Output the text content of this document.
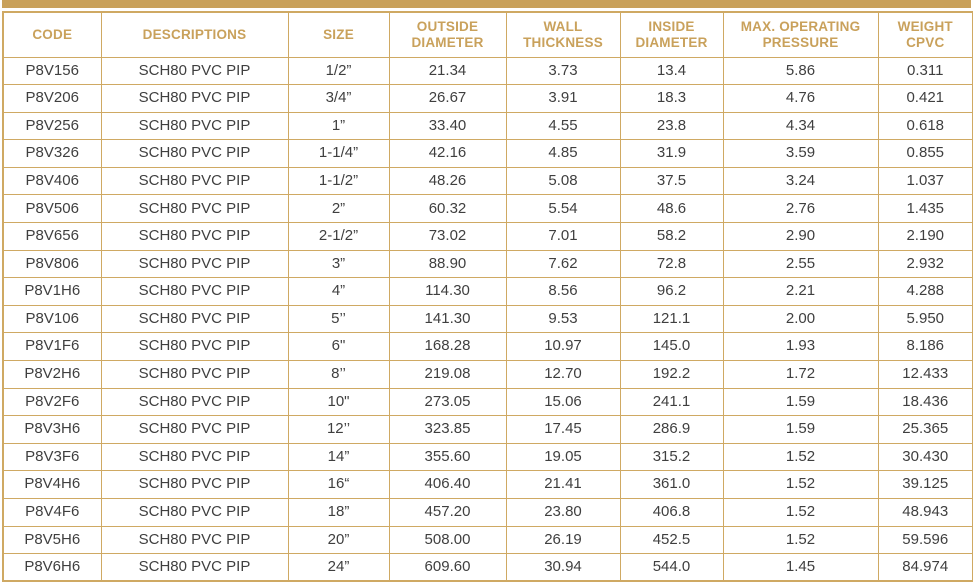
CODE	DESCRIPTIONS	SIZE	OUTSIDE DIAMETER	WALL THICKNESS	INSIDE DIAMETER	MAX. OPERATING PRESSURE	WEIGHT CPVC
P8V156	SCH80 PVC PIP	1/2”	21.34	3.73	13.4	5.86	0.311
P8V206	SCH80 PVC PIP	3/4”	26.67	3.91	18.3	4.76	0.421
P8V256	SCH80 PVC PIP	1”	33.40	4.55	23.8	4.34	0.618
P8V326	SCH80 PVC PIP	1-1/4”	42.16	4.85	31.9	3.59	0.855
P8V406	SCH80 PVC PIP	1-1/2”	48.26	5.08	37.5	3.24	1.037
P8V506	SCH80 PVC PIP	2”	60.32	5.54	48.6	2.76	1.435
P8V656	SCH80 PVC PIP	2-1/2”	73.02	7.01	58.2	2.90	2.190
P8V806	SCH80 PVC PIP	3”	88.90	7.62	72.8	2.55	2.932
P8V1H6	SCH80 PVC PIP	4”	114.30	8.56	96.2	2.21	4.288
P8V106	SCH80 PVC PIP	5’’	141.30	9.53	121.1	2.00	5.950
P8V1F6	SCH80 PVC PIP	6"	168.28	10.97	145.0	1.93	8.186
P8V2H6	SCH80 PVC PIP	8’’	219.08	12.70	192.2	1.72	12.433
P8V2F6	SCH80 PVC PIP	10"	273.05	15.06	241.1	1.59	18.436
P8V3H6	SCH80 PVC PIP	12’’	323.85	17.45	286.9	1.59	25.365
P8V3F6	SCH80 PVC PIP	14”	355.60	19.05	315.2	1.52	30.430
P8V4H6	SCH80 PVC PIP	16“	406.40	21.41	361.0	1.52	39.125
P8V4F6	SCH80 PVC PIP	18”	457.20	23.80	406.8	1.52	48.943
P8V5H6	SCH80 PVC PIP	20”	508.00	26.19	452.5	1.52	59.596
P8V6H6	SCH80 PVC PIP	24”	609.60	30.94	544.0	1.45	84.974
